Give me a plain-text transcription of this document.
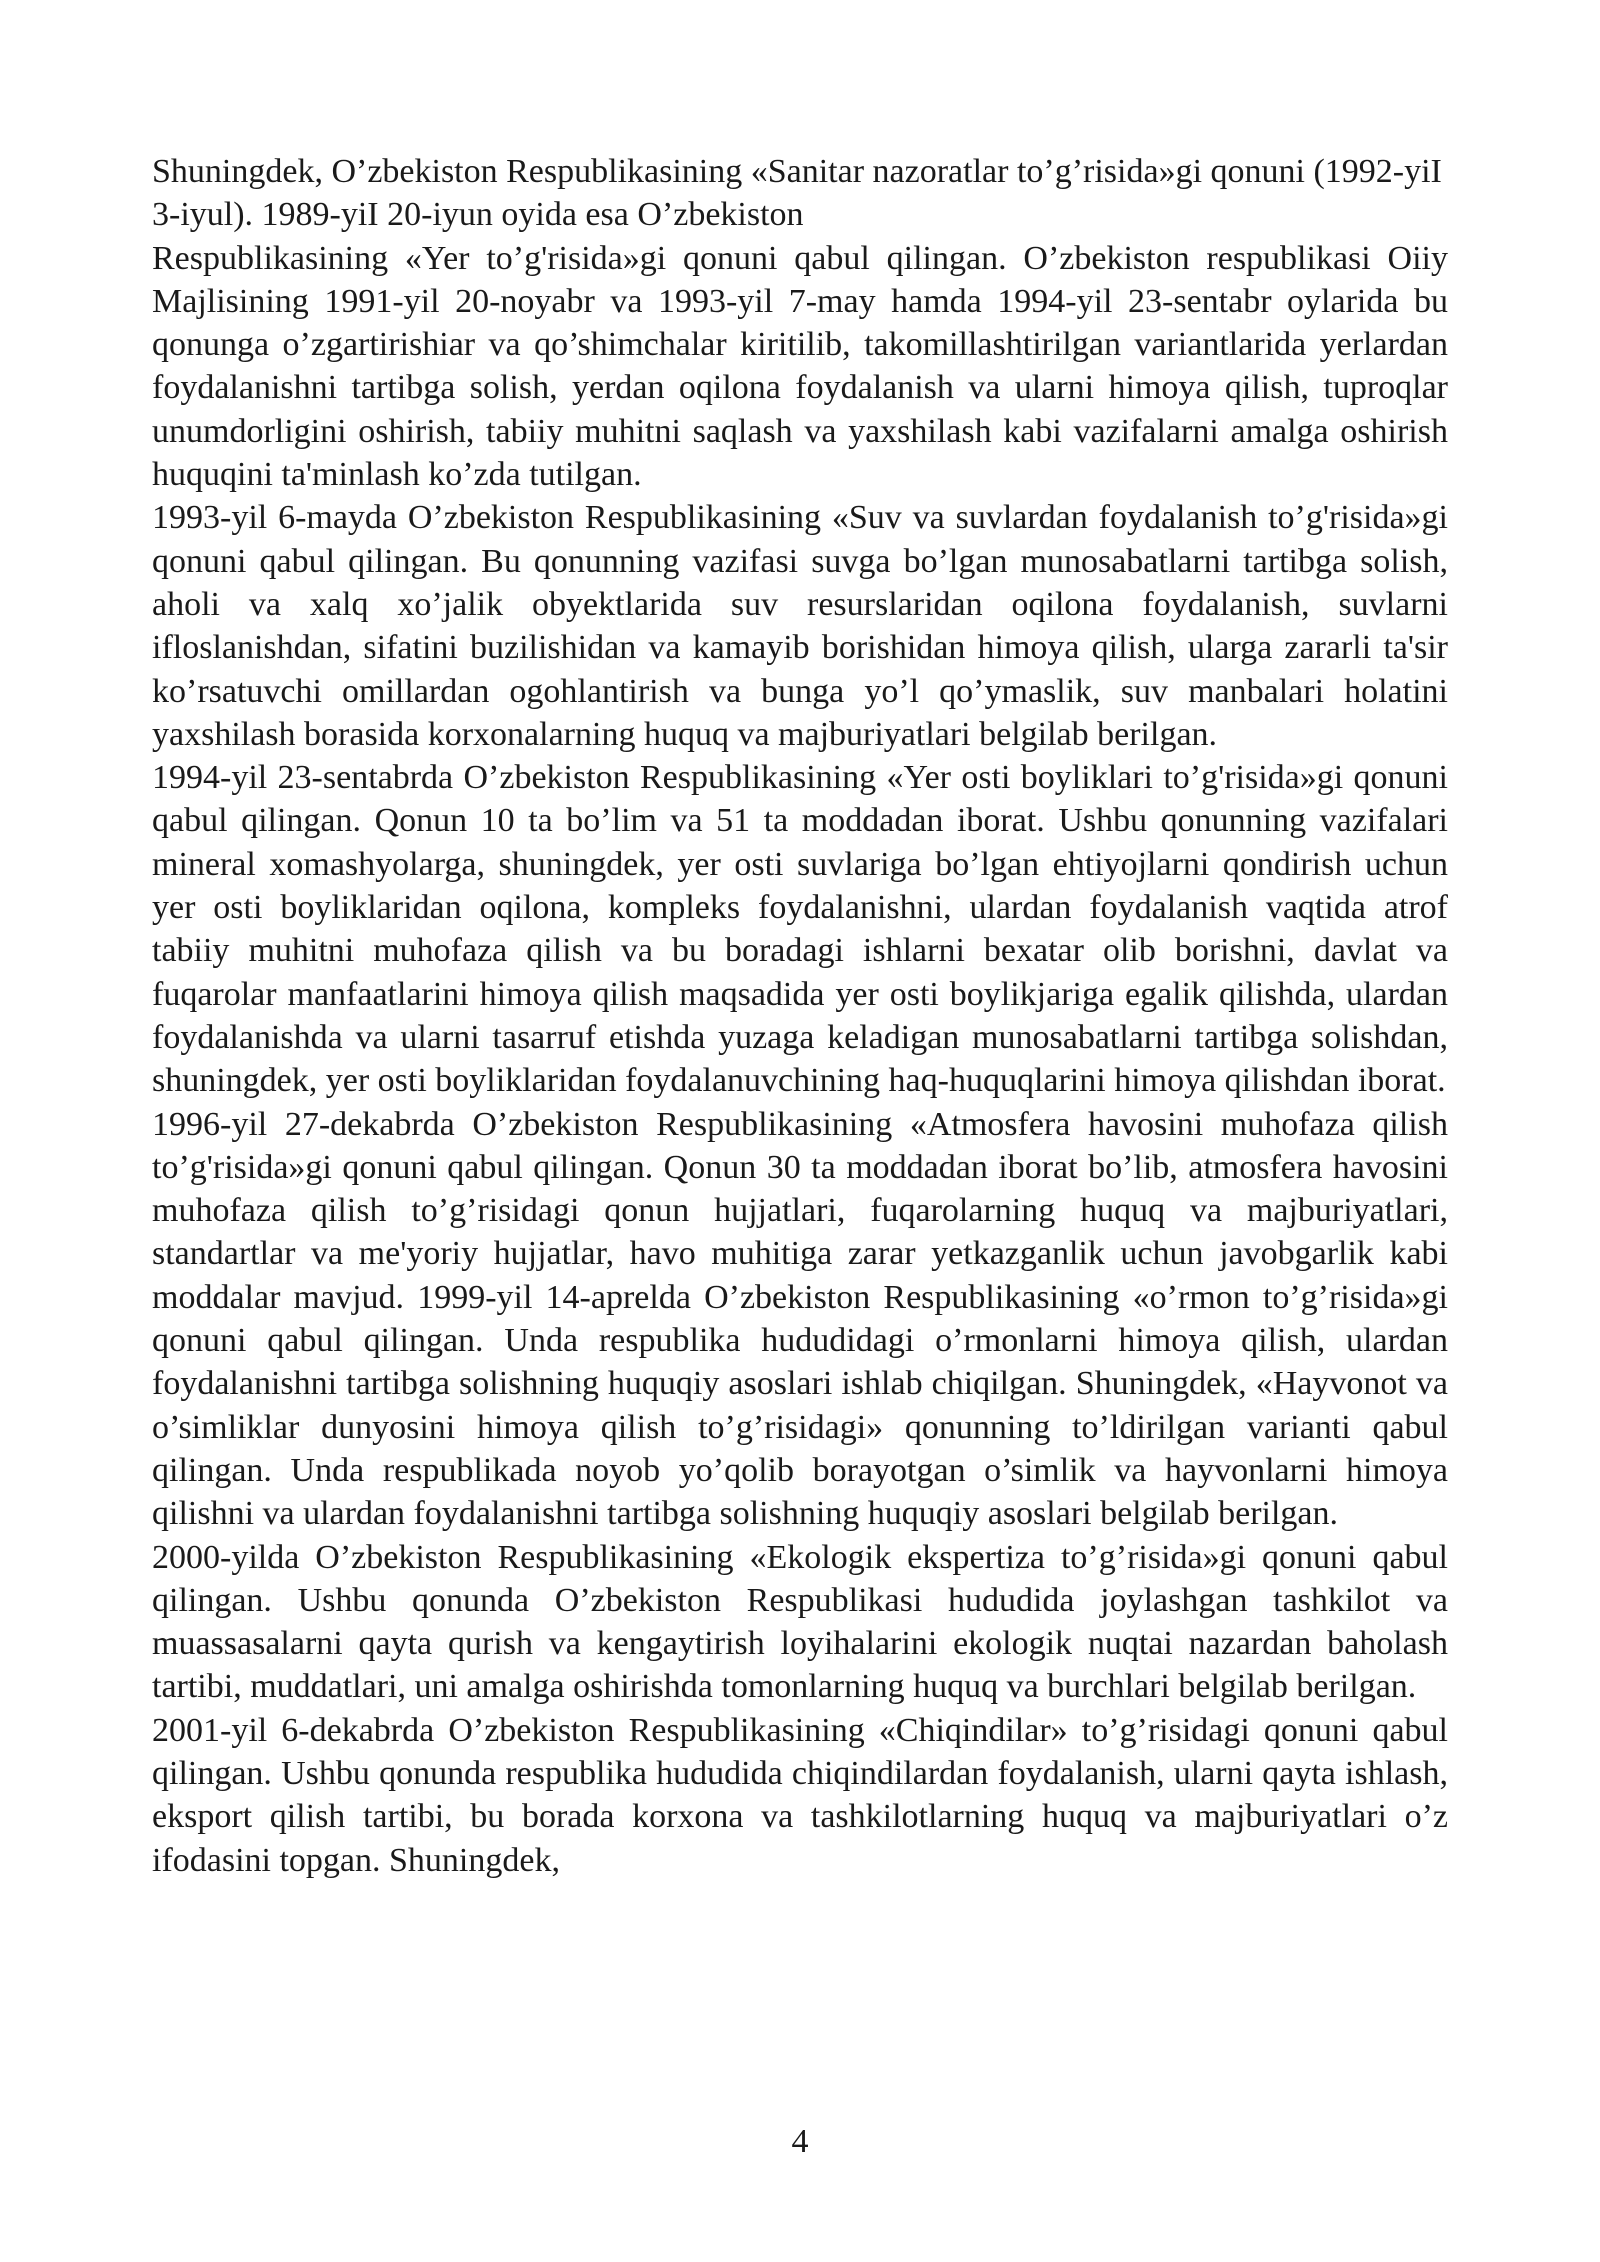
Shuningdek, O’zbekiston Respublikasining «Sanitar nazoratlar to’g’risida»gi qonuni (1992-yiI 3-iyul). 1989-yiI 20-iyun oyida esa O’zbekiston
Respublikasining «Yer to’g'risida»gi qonuni qabul qilingan. O’zbekiston respublikasi Oiiy Majlisining 1991-yil 20-noyabr va 1993-yil 7-may hamda 1994-yil 23-sentabr oylarida bu qonunga o’zgartirishiar va qo’shimchalar kiritilib, takomillashtirilgan variantlarida yerlardan foydalanishni tartibga solish, yerdan oqilona foydalanish va ularni himoya qilish, tuproqlar unumdorligini oshirish, tabiiy muhitni saqlash va yaxshilash kabi vazifalarni amalga oshirish huquqini ta'minlash ko’zda tutilgan.

1993-yil 6-mayda O’zbekiston Respublikasining «Suv va suvlardan foydalanish to’g'risida»gi qonuni qabul qilingan. Bu qonunning vazifasi suvga bo’lgan munosabatlarni tartibga solish, aholi va xalq xo’jalik obyektlarida suv resurslaridan oqilona foydalanish, suvlarni ifloslanishdan, sifatini buzilishidan va kamayib borishidan himoya qilish, ularga zararli ta'sir ko’rsatuvchi omillardan ogohlantirish va bunga yo’l qo’ymaslik, suv manbalari holatini yaxshilash borasida korxonalarning huquq va majburiyatlari belgilab berilgan.

1994-yil 23-sentabrda O’zbekiston Respublikasining «Yer osti boyliklari to’g'risida»gi qonuni qabul qilingan. Qonun 10 ta bo’lim va 51 ta moddadan iborat. Ushbu qonunning vazifalari mineral xomashyolarga, shuningdek, yer osti suvlariga bo’lgan ehtiyojlarni qondirish uchun yer osti boyliklaridan oqilona, kompleks foydalanishni, ulardan foydalanish vaqtida atrof tabiiy muhitni muhofaza qilish va bu boradagi ishlarni bexatar olib borishni, davlat va fuqarolar manfaatlarini himoya qilish maqsadida yer osti boylikjariga egalik qilishda, ulardan foydalanishda va ularni tasarruf etishda yuzaga keladigan munosabatlarni tartibga solishdan, shuningdek, yer osti boyliklaridan foydalanuvchining haq-huquqlarini himoya qilishdan iborat.

1996-yil 27-dekabrda O’zbekiston Respublikasining «Atmosfera havosini muhofaza qilish to’g'risida»gi qonuni qabul qilingan. Qonun 30 ta moddadan iborat bo’lib, atmosfera havosini muhofaza qilish to’g’risidagi qonun hujjatlari, fuqarolarning huquq va majburiyatlari, standartlar va me'yoriy hujjatlar, havo muhitiga zarar yetkazganlik uchun javobgarlik kabi moddalar mavjud. 1999-yil 14-aprelda O’zbekiston Respublikasining «o’rmon to’g’risida»gi qonuni qabul qilingan. Unda respublika hududidagi o’rmonlarni himoya qilish, ulardan foydalanishni tartibga solishning huquqiy asoslari ishlab chiqilgan. Shuningdek, «Hayvonot va o’simliklar dunyosini himoya qilish to’g’risidagi» qonunning to’ldirilgan varianti qabul qilingan. Unda respublikada noyob yo’qolib borayotgan o’simlik va hayvonlarni himoya qilishni va ulardan foydalanishni tartibga solishning huquqiy asoslari belgilab berilgan.

2000-yilda O’zbekiston Respublikasining «Ekologik ekspertiza to’g’risida»gi qonuni qabul qilingan. Ushbu qonunda O’zbekiston Respublikasi hududida joylashgan tashkilot va muassasalarni qayta qurish va kengaytirish loyihalarini ekologik nuqtai nazardan baholash tartibi, muddatlari, uni amalga oshirishda tomonlarning huquq va burchlari belgilab berilgan.

2001-yil 6-dekabrda O’zbekiston Respublikasining «Chiqindilar» to’g’risidagi qonuni qabul qilingan. Ushbu qonunda respublika hududida chiqindilardan foydalanish, ularni qayta ishlash, eksport qilish tartibi, bu borada korxona va tashkilotlarning huquq va majburiyatlari o’z ifodasini topgan. Shuningdek,

4
